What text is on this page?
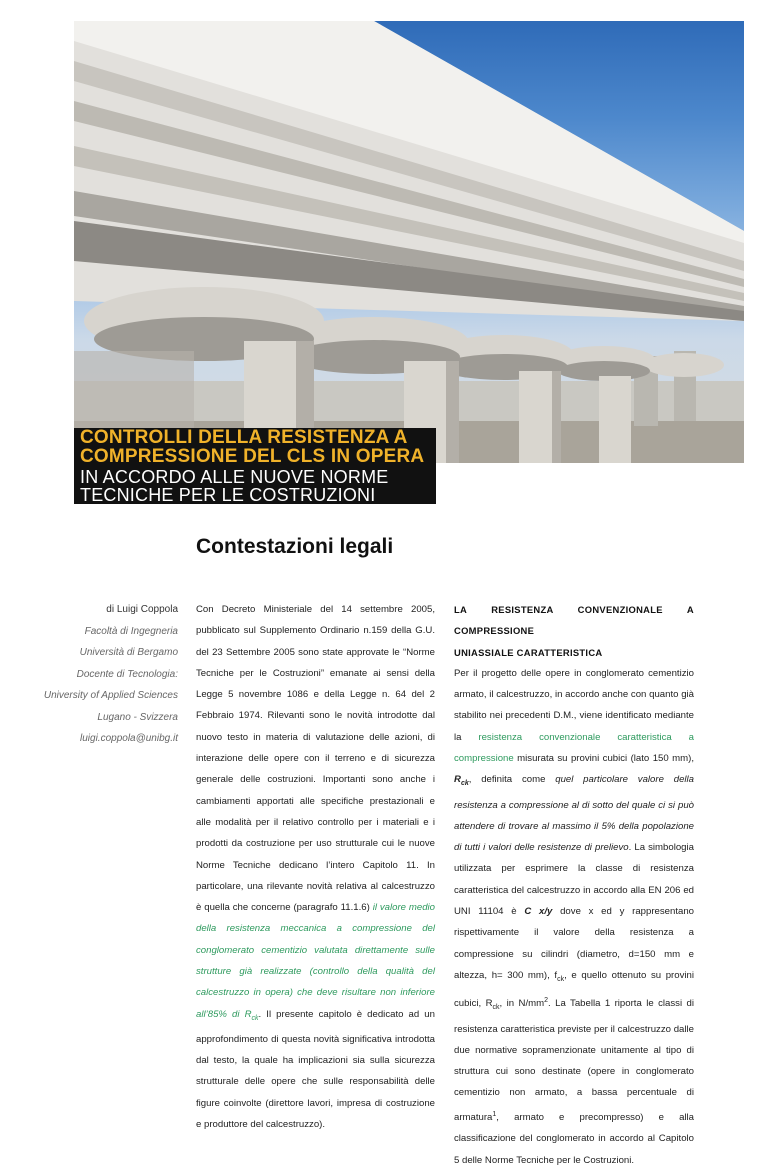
CONTROLLI DELLA RESISTENZA A
COMPRESSIONE DEL CLS IN OPERA
IN ACCORDO ALLE NUOVE NORME
TECNICHE PER LE COSTRUZIONI
Contestazioni legali
di Luigi Coppola
Facoltà di Ingegneria
Università di Bergamo
Docente di Tecnologia:
University of Applied Sciences
Lugano - Svizzera
luigi.coppola@unibg.it

Con Decreto Ministeriale del 14 settembre 2005, pubblicato sul Supplemento Ordinario n.159 della G.U. del 23 Settembre 2005 sono state approvate le “Norme Tecniche per le Costruzioni” emanate ai sensi della Legge 5 novembre 1086 e della Legge n. 64 del 2 Febbraio 1974. Rilevanti sono le novità introdotte dal nuovo testo in materia di valutazione delle azioni, di interazione delle opere con il terreno e di sicurezza generale delle costruzioni. Importanti sono anche i cambiamenti apportati alle specifiche prestazionali e alle modalità per il relativo controllo per i materiali e i prodotti da costruzione per uso strutturale cui le nuove Norme Tecniche dedicano l’intero Capitolo 11. In particolare, una rilevante novità relativa al calcestruzzo è quella che concerne (paragrafo 11.1.6) il valore medio della resistenza meccanica a compressione del conglomerato cementizio valutata direttamente sulle strutture già realizzate (controllo della qualità del calcestruzzo in opera) che deve risultare non inferiore all’85% di $R_{ck}$. Il presente capitolo è dedicato ad un approfondimento di questa novità significativa introdotta dal testo, la quale ha implicazioni sia sulla sicurezza strutturale delle opere che sulle responsabilità delle figure coinvolte (direttore lavori, impresa di costruzione e produttore del calcestruzzo).

LA RESISTENZA CONVENZIONALE A COMPRESSIONE
UNIASSIALE CARATTERISTICA

Per il progetto delle opere in conglomerato cementizio armato, il calcestruzzo, in accordo anche con quanto già stabilito nei precedenti D.M., viene identificato mediante la resistenza convenzionale caratteristica a compressione misurata su provini cubici (lato 150 mm), $R_{ck}$, definita come quel particolare valore della resistenza a compressione al di sotto del quale ci si può attendere di trovare al massimo il 5% della popolazione di tutti i valori delle resistenze di prelievo. La simbologia utilizzata per esprimere la classe di resistenza caratteristica del calcestruzzo in accordo alla EN 206 ed UNI 11104 è C x/y dove x ed y rappresentano rispettivamente il valore della resistenza a compressione su cilindri (diametro, d=150 mm e altezza, h= 300 mm), $f_{ck}$, e quello ottenuto su provini cubici, $R_{ck}$, in $N/mm^2$. La Tabella 1 riporta le classi di resistenza caratteristica previste per il calcestruzzo dalle due normative sopramenzionate unitamente al tipo di struttura cui sono destinate (opere in conglomerato cementizio non armato, a bassa percentuale di armatura$^1$, armato e precompresso) e alla classificazione del conglomerato in accordo al Capitolo 5 delle Norme Tecniche per le Costruzioni.
